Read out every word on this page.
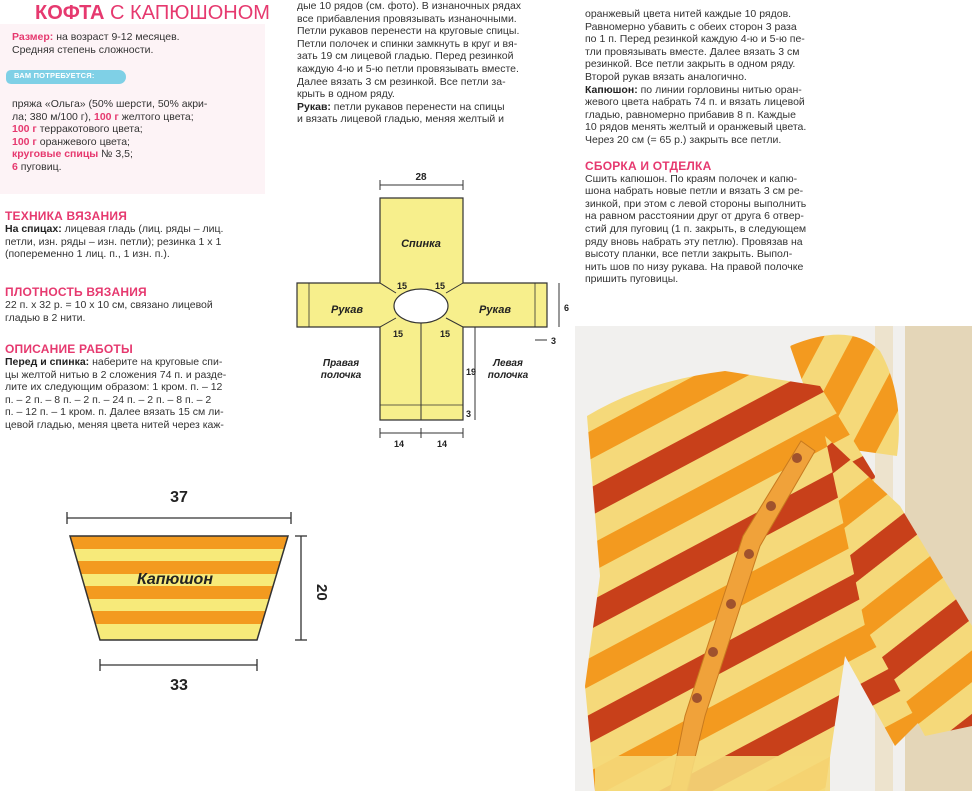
КОФТА С КАПЮШОНОМ

Размер: на возраст 9-12 месяцев.

Средняя степень сложности.

ВАМ ПОТРЕБУЕТСЯ:

пряжа «Ольга» (50% шерсти, 50% акри-

ла; 380 м/100 г), 100 г желтого цвета;

100 г терракотового цвета;

100 г оранжевого цвета;

круговые спицы № 3,5;

6 пуговиц.

ТЕХНИКА ВЯЗАНИЯ

На спицах: лицевая гладь (лиц. ряды – лиц.

петли, изн. ряды – изн. петли); резинка 1 х 1

(попеременно 1 лиц. п., 1 изн. п.).

ПЛОТНОСТЬ ВЯЗАНИЯ

22 п. х 32 р. = 10 х 10 см, связано лицевой

гладью в 2 нити.

ОПИСАНИЕ РАБОТЫ

Перед и спинка: наберите на круговые спи-

цы желтой нитью в 2 сложения 74 п. и разде-

лите их следующим образом: 1 кром. п. – 12

п. – 2 п. – 8 п. – 2 п. – 24 п. – 2 п. – 8 п. – 2

п. – 12 п. – 1 кром. п. Далее вязать 15 см ли-

цевой гладью, меняя цвета нитей через каж-

дые 10 рядов (см. фото). В изнаночных рядах

все прибавления провязывать изнаночными.

Петли рукавов перенести на круговые спицы.

Петли полочек и спинки замкнуть в круг и вя-

зать 19 см лицевой гладью. Перед резинкой

каждую 4-ю и 5-ю петли провязывать вместе.

Далее вязать 3 см резинкой. Все петли за-

крыть в одном ряду.

Рукав: петли рукавов перенести на спицы

и вязать лицевой гладью, меняя желтый и

оранжевый цвета нитей каждые 10 рядов.

Равномерно убавить с обеих сторон 3 раза

по 1 п. Перед резинкой каждую 4-ю и 5-ю пе-

тли провязывать вместе. Далее вязать 3 см

резинкой. Все петли закрыть в одном ряду.

Второй рукав вязать аналогично.

Капюшон: по линии горловины нитью оран-

жевого цвета набрать 74 п. и вязать лицевой

гладью, равномерно прибавив 8 п. Каждые

10 рядов менять желтый и оранжевый цвета.

Через 20 см (= 65 р.) закрыть все петли.

СБОРКА И ОТДЕЛКА

Сшить капюшон. По краям полочек и капю-

шона набрать новые петли и вязать 3 см ре-

зинкой, при этом с левой стороны выполнить

на равном расстоянии друг от друга 6 отвер-

стий для пуговиц (1 п. закрыть, в следующем

ряду вновь набрать эту петлю). Провязав на

высоту планки, все петли закрыть. Выпол-

нить шов по низу рукава. На правой полочке

пришить пуговицы.

28
Спинка
Рукав	Рукав
15	15
15	15
6
3
Правая
полочка
Левая
полочка
19
3
14	14
37
20
33
Капюшон
